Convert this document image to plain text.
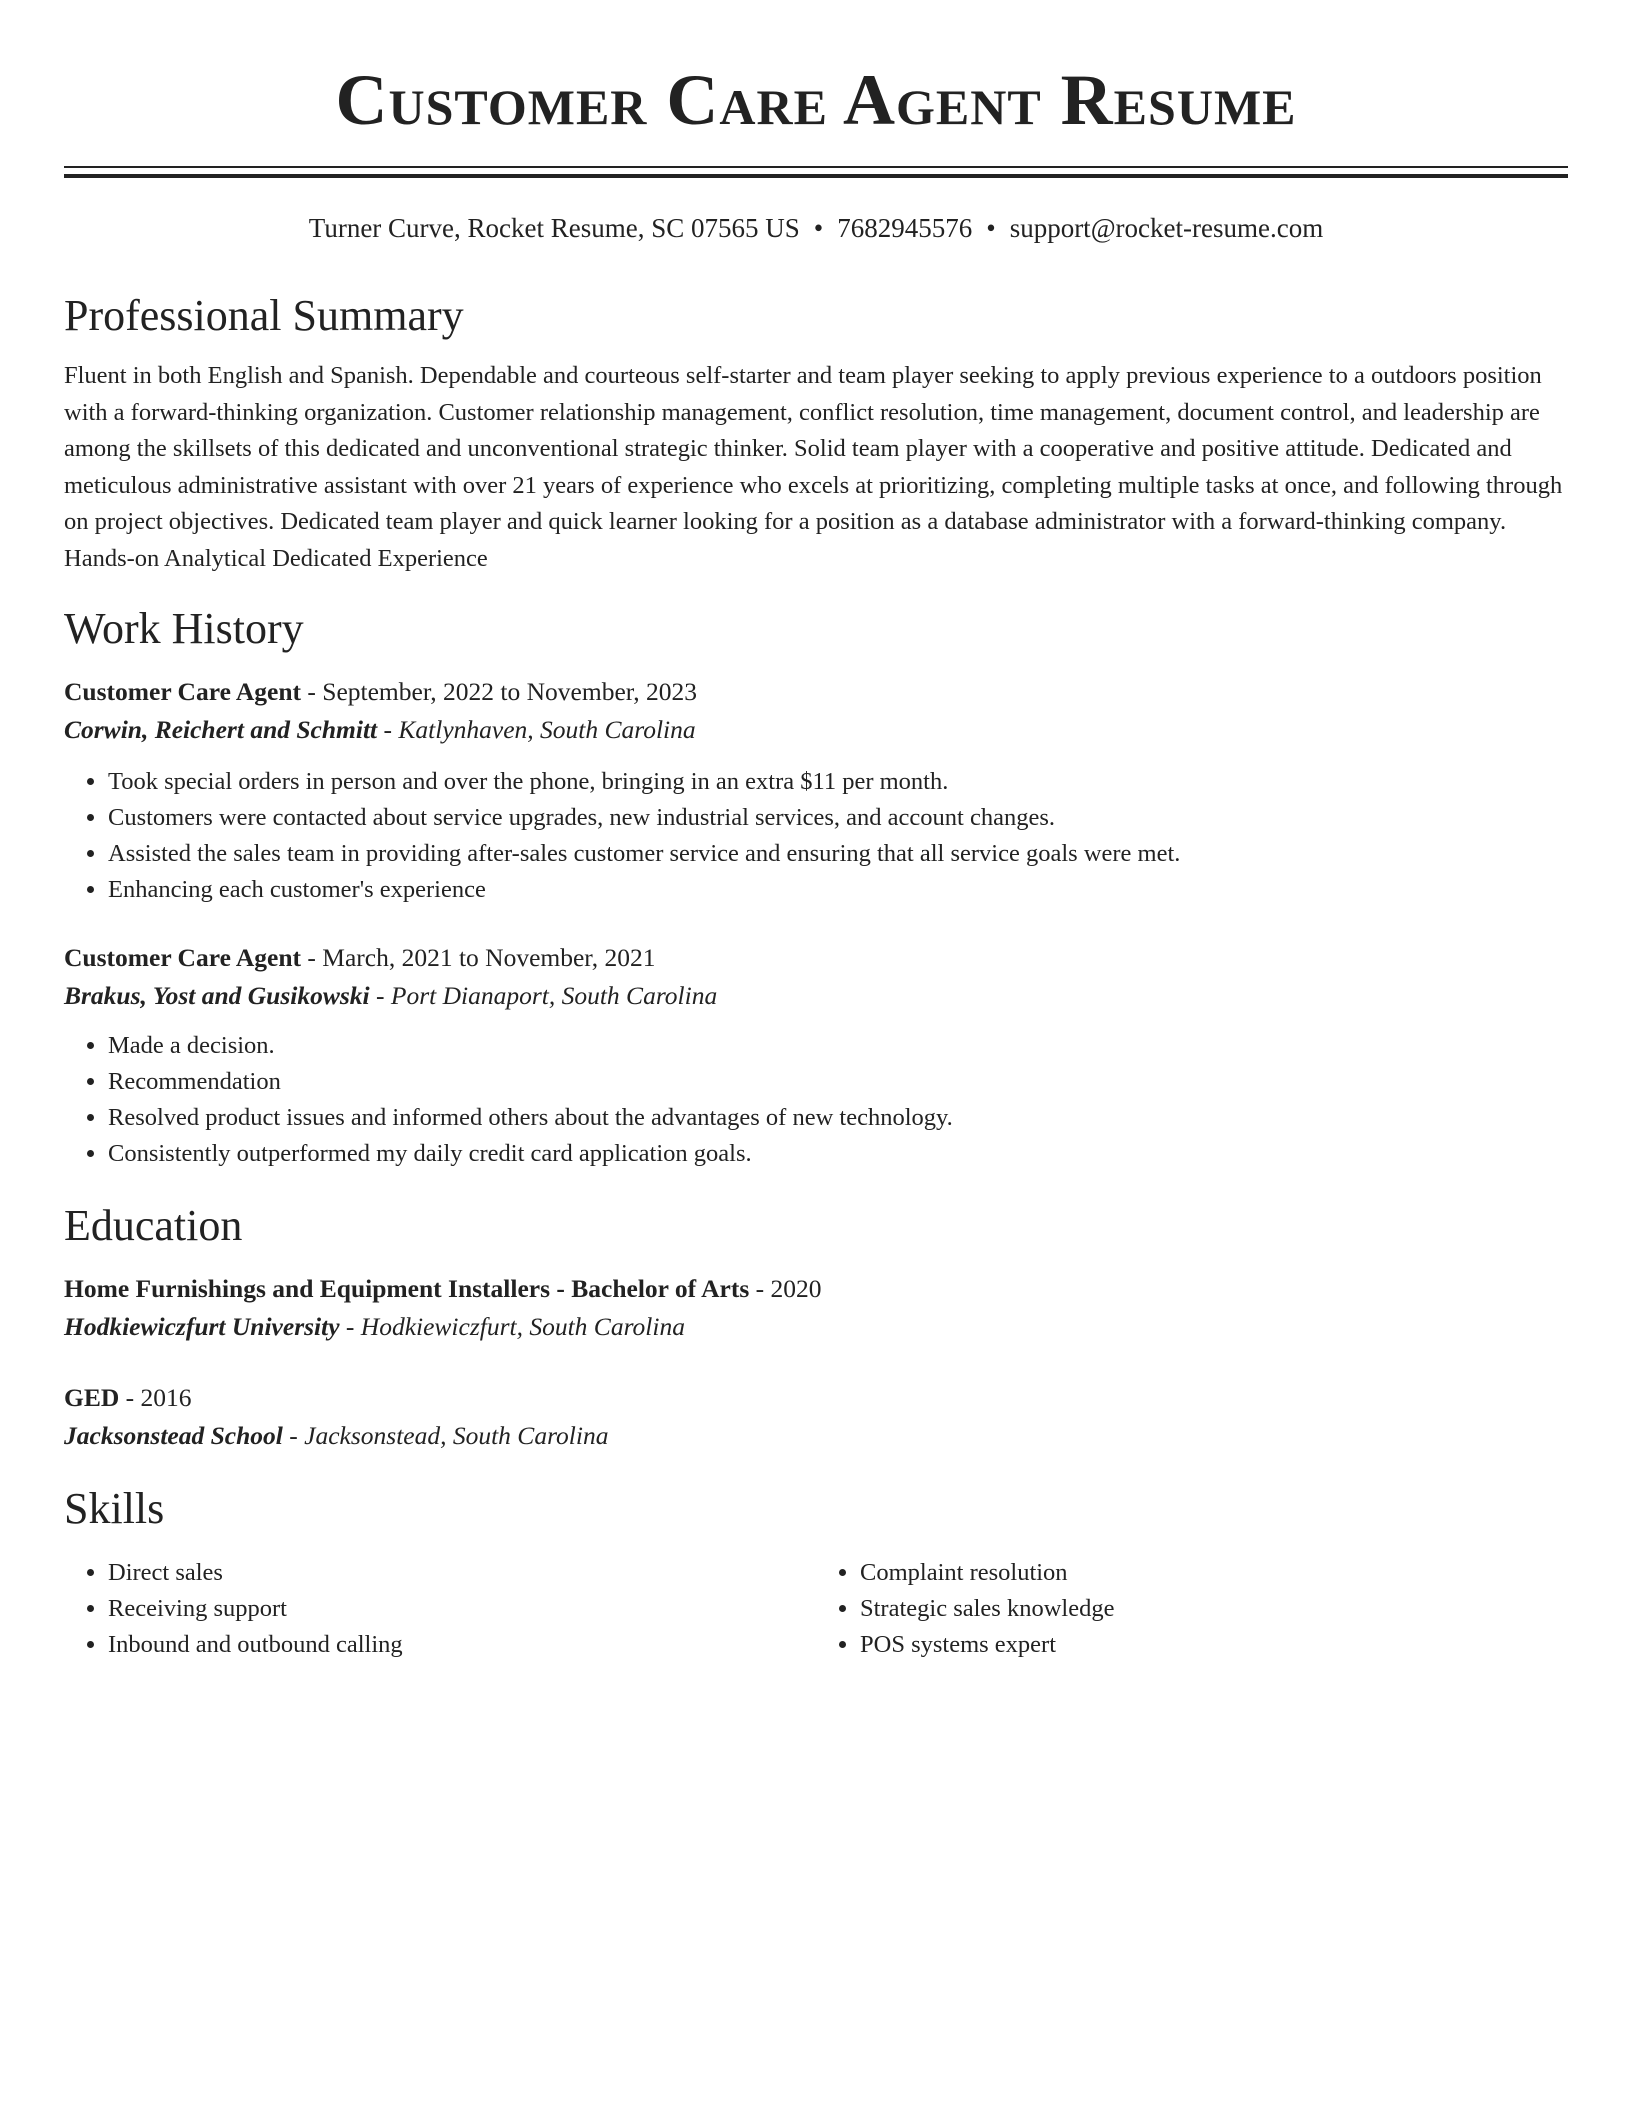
Customer Care Agent Resume
Turner Curve, Rocket Resume, SC 07565 US • 7682945576 • support@rocket-resume.com
Professional Summary

Fluent in both English and Spanish. Dependable and courteous self-starter and team player seeking to apply previous experience to a outdoors position with a forward-thinking organization. Customer relationship management, conflict resolution, time management, document control, and leadership are among the skillsets of this dedicated and unconventional strategic thinker. Solid team player with a cooperative and positive attitude. Dedicated and meticulous administrative assistant with over 21 years of experience who excels at prioritizing, completing multiple tasks at once, and following through on project objectives. Dedicated team player and quick learner looking for a position as a database administrator with a forward-thinking company. Hands-on Analytical Dedicated Experience

Work History
Customer Care Agent - September, 2022 to November, 2023
Corwin, Reichert and Schmitt - Katlynhaven, South Carolina
• Took special orders in person and over the phone, bringing in an extra $11 per month.
• Customers were contacted about service upgrades, new industrial services, and account changes.
• Assisted the sales team in providing after-sales customer service and ensuring that all service goals were met.
• Enhancing each customer's experience
Customer Care Agent - March, 2021 to November, 2021
Brakus, Yost and Gusikowski - Port Dianaport, South Carolina
• Made a decision.
• Recommendation
• Resolved product issues and informed others about the advantages of new technology.
• Consistently outperformed my daily credit card application goals.
Education
Home Furnishings and Equipment Installers - Bachelor of Arts - 2020
Hodkiewiczfurt University - Hodkiewiczfurt, South Carolina
GED - 2016
Jacksonstead School - Jacksonstead, South Carolina
Skills
• Direct sales
• Receiving support
• Inbound and outbound calling
• Complaint resolution
• Strategic sales knowledge
• POS systems expert
